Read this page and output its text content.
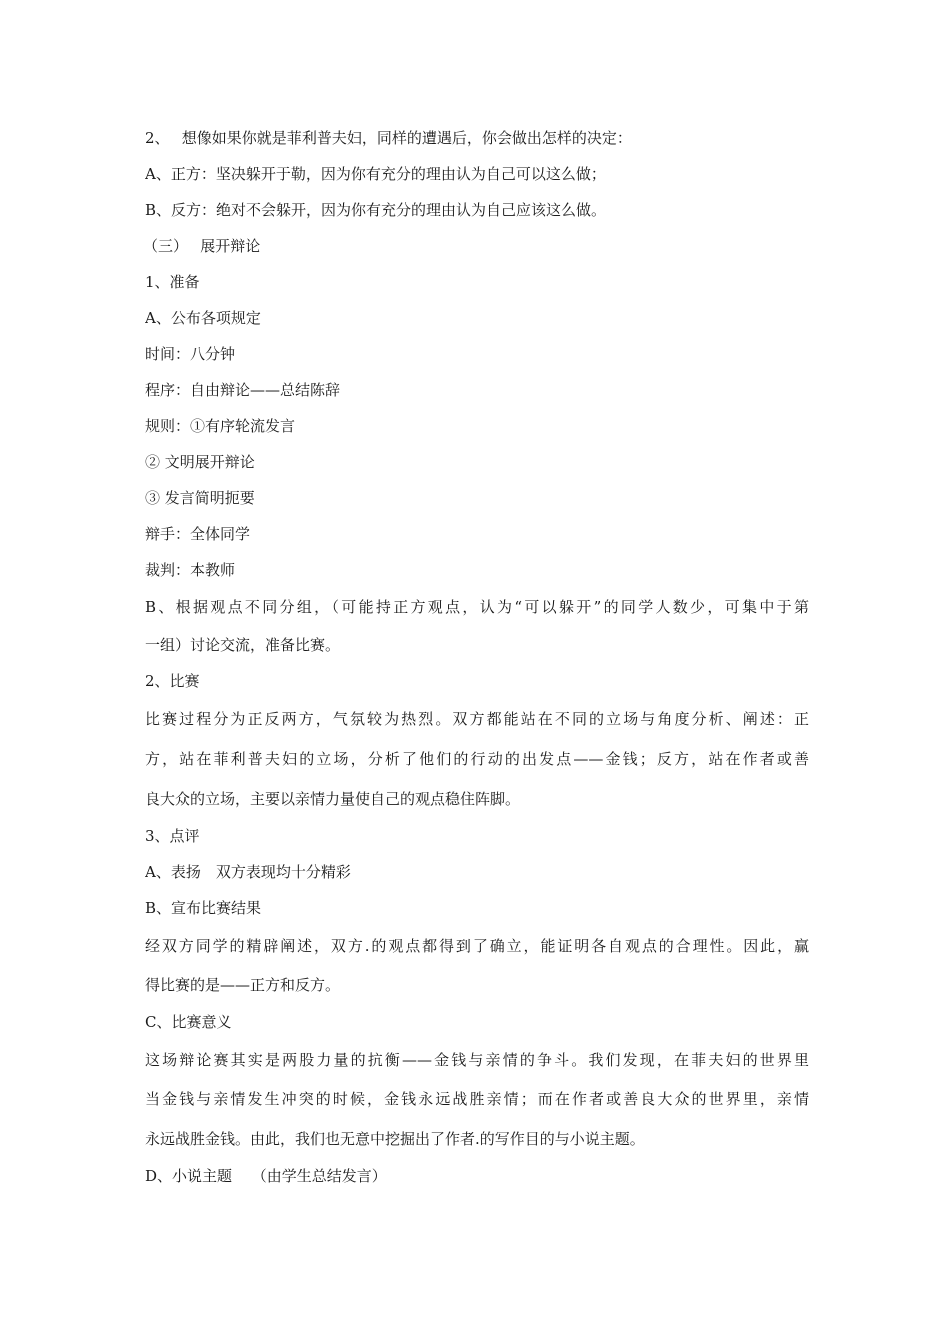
2、　 想像如果你就是菲利普夫妇，同样的遭遇后，你会做出怎样的决定：
A、正方：坚决躲开于勒，因为你有充分的理由认为自己可以这么做；
B、反方：绝对不会躲开，因为你有充分的理由认为自己应该这么做。
（三）　 展开辩论
1、准备
A、公布各项规定
时间：八分钟
程序：自由辩论——总结陈辞
规则：①有序轮流发言
② 文明展开辩论
③ 发言简明扼要
辩手：全体同学
裁判：本教师
B、根据观点不同分组，（可能持正方观点，认为“可以躲开”的同学人数少，可集中于第
一组）讨论交流，准备比赛。
2、比赛
比赛过程分为正反两方，气氛较为热烈。双方都能站在不同的立场与角度分析、阐述：正
方，站在菲利普夫妇的立场，分析了他们的行动的出发点——金钱；反方，站在作者或善
良大众的立场，主要以亲情力量使自己的观点稳住阵脚。
3、点评
A、表扬　双方表现均十分精彩
B、宣布比赛结果
经双方同学的精辟阐述，双方.的观点都得到了确立，能证明各自观点的合理性。因此，赢
得比赛的是——正方和反方。
C、比赛意义
这场辩论赛其实是两股力量的抗衡——金钱与亲情的争斗。我们发现，在菲夫妇的世界里
当金钱与亲情发生冲突的时候，金钱永远战胜亲情；而在作者或善良大众的世界里，亲情
永远战胜金钱。由此，我们也无意中挖掘出了作者.的写作目的与小说主题。
D、小说主题　 （由学生总结发言）
